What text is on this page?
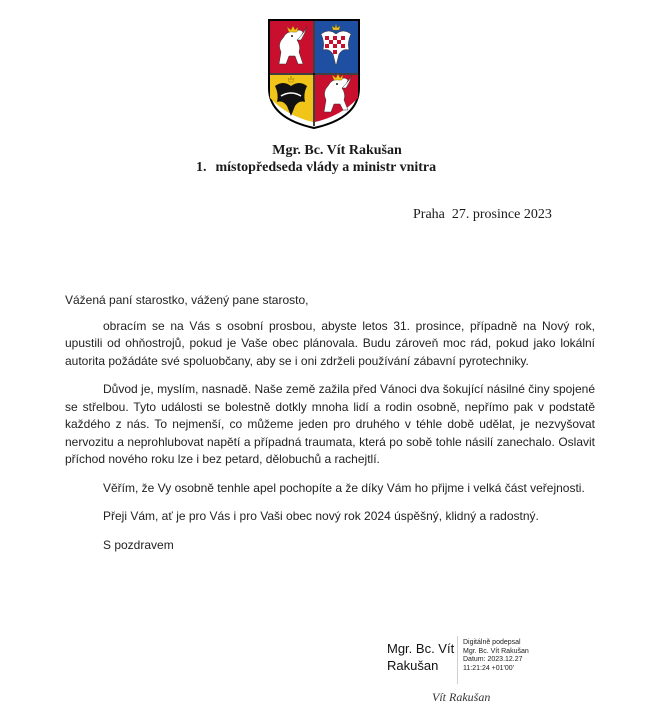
Mgr. Bc. Vít Rakušan
1. místopředseda vlády a ministr vnitra
Praha 27. prosince 2023

Vážená paní starostko, vážený pane starosto,

obracím se na Vás s osobní prosbou, abyste letos 31. prosince, případně na Nový rok, upustili od ohňostrojů, pokud je Vaše obec plánovala. Budu zároveň moc rád, pokud jako lokální autorita požádáte své spoluobčany, aby se i oni zdrželi používání zábavní pyrotechniky.

Důvod je, myslím, nasnadě. Naše země zažila před Vánoci dva šokující násilné činy spojené se střelbou. Tyto události se bolestně dotkly mnoha lidí a rodin osobně, nepřímo pak v podstatě každého z nás. To nejmenší, co můžeme jeden pro druhého v téhle době udělat, je nezvyšovat nervozitu a neprohlubovat napětí a případná traumata, která po sobě tohle násilí zanechalo. Oslavit příchod nového roku lze i bez petard, dělobuchů a rachejtlí.

Věřím, že Vy osobně tenhle apel pochopíte a že díky Vám ho přijme i velká část veřejnosti.

Přeji Vám, ať je pro Vás i pro Vaši obec nový rok 2024 úspěšný, klidný a radostný.

S pozdravem

Mgr. Bc. Vít
Rakušan
Digitálně podepsal
Mgr. Bc. Vít Rakušan
Datum: 2023.12.27
11:21:24 +01'00'
Vít Rakušan
